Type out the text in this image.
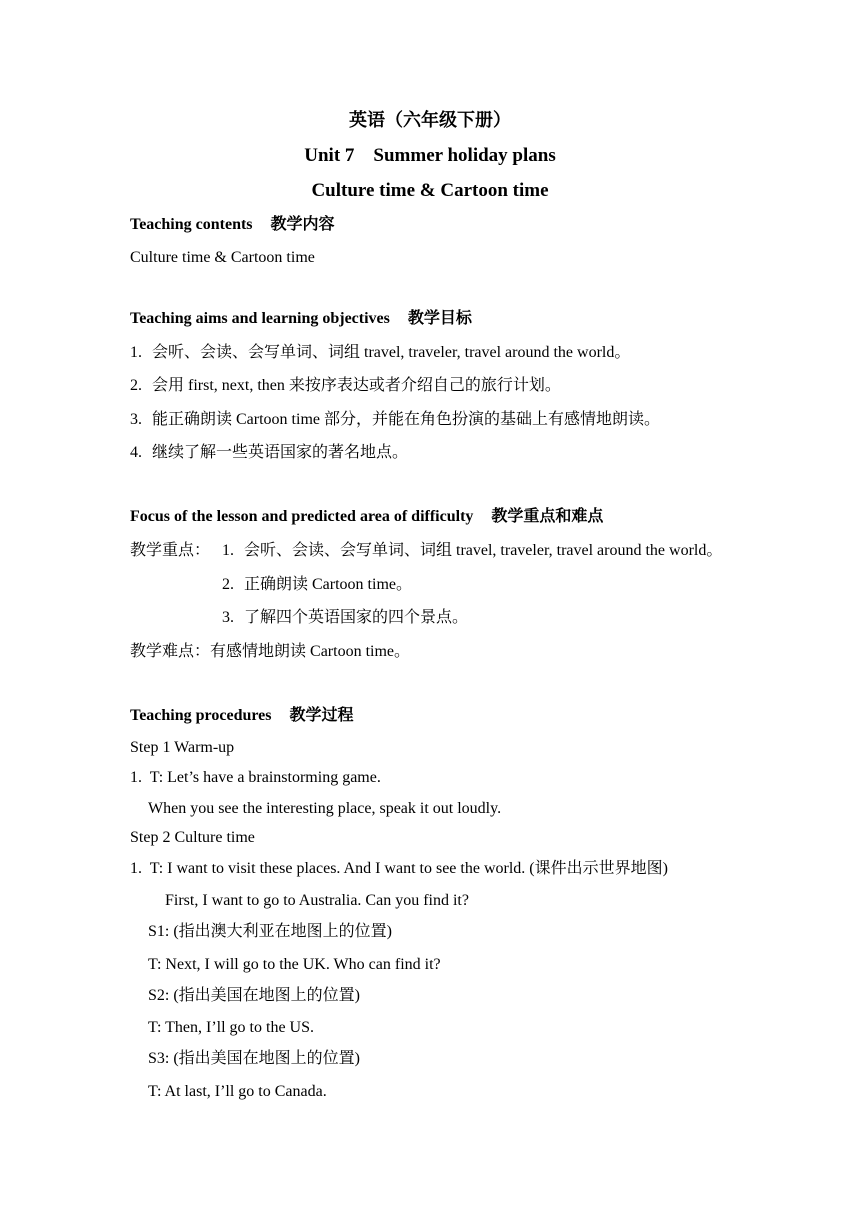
英语（六年级下册）
Unit 7    Summer holiday plans
Culture time & Cartoon time
Teaching contents 教学内容
Culture time & Cartoon time
Teaching aims and learning objectives 教学目标
1. 会听、会读、会写单词、词组 travel, traveler, travel around the world。
2. 会用 first, next, then 来按序表达或者介绍自己的旅行计划。
3. 能正确朗读 Cartoon time 部分，并能在角色扮演的基础上有感情地朗读。
4. 继续了解一些英语国家的著名地点。
Focus of the lesson and predicted area of difficulty 教学重点和难点
教学重点： 1. 会听、会读、会写单词、词组 travel, traveler, travel around the world。
2. 正确朗读 Cartoon time。
3. 了解四个英语国家的四个景点。
教学难点：有感情地朗读 Cartoon time。
Teaching procedures 教学过程
Step 1 Warm-up
1.  T: Let’s have a brainstorming game.
When you see the interesting place, speak it out loudly.
Step 2 Culture time
1.  T: I want to visit these places. And I want to see the world. (课件出示世界地图)
First, I want to go to Australia. Can you find it?
S1: (指出澳大利亚在地图上的位置)
T: Next, I will go to the UK. Who can find it?
S2: (指出美国在地图上的位置)
T: Then, I’ll go to the US.
S3: (指出美国在地图上的位置)
T: At last, I’ll go to Canada.
